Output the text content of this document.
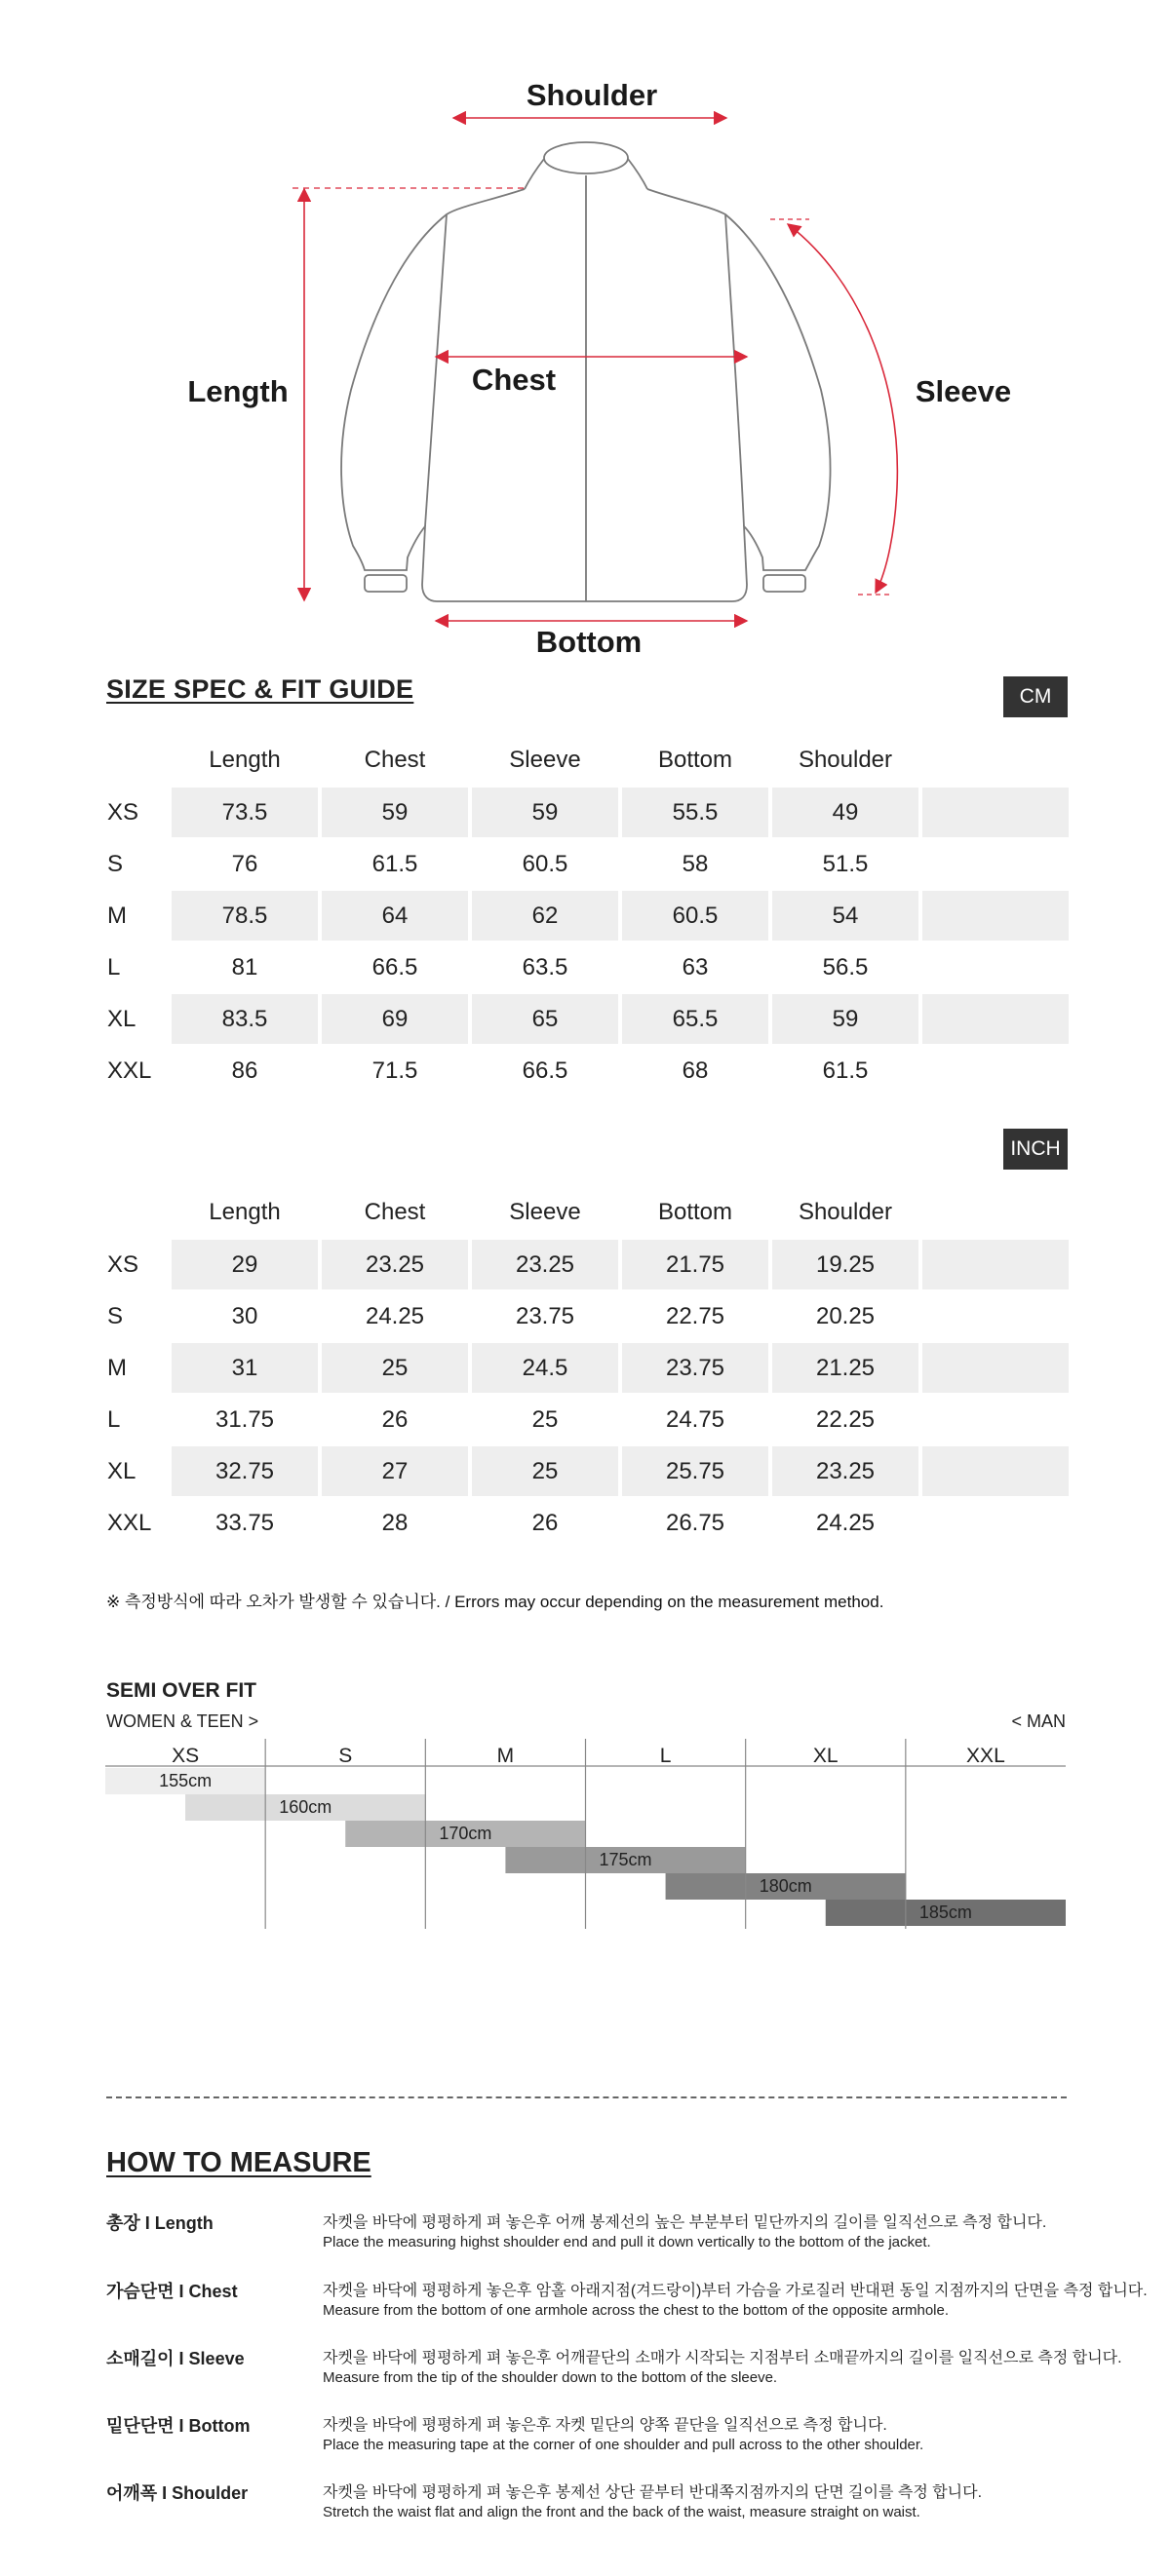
Shoulder
Length	Chest	Sleeve
Bottom
SIZE SPEC & FIT GUIDE	CM
	Length	Chest	Sleeve	Bottom	Shoulder	
XS	73.5	59	59	55.5	49	
S	76	61.5	60.5	58	51.5	
M	78.5	64	62	60.5	54	
L	81	66.5	63.5	63	56.5	
XL	83.5	69	65	65.5	59	
XXL	86	71.5	66.5	68	61.5	
INCH
	Length	Chest	Sleeve	Bottom	Shoulder	
XS	29	23.25	23.25	21.75	19.25	
S	30	24.25	23.75	22.75	20.25	
M	31	25	24.5	23.75	21.25	
L	31.75	26	25	24.75	22.25	
XL	32.75	27	25	25.75	23.25	
XXL	33.75	28	26	26.75	24.25	
※ 측정방식에 따라 오차가 발생할 수 있습니다. / Errors may occur depending on the measurement method.
SEMI OVER FIT
WOMEN & TEEN >	< MAN
XS	S	M	L	XL	XXL
155cm
160cm
170cm
175cm
180cm
185cm
HOW TO MEASURE
총장 I Length	자켓을 바닥에 평평하게 펴 놓은후 어깨 봉제선의 높은 부분부터 밑단까지의 길이를 일직선으로 측정 합니다.
Place the measuring highst shoulder end and pull it down vertically to the bottom of the jacket.
가슴단면 I Chest	자켓을 바닥에 평평하게 놓은후 암홀 아래지점(겨드랑이)부터 가슴을 가로질러 반대편 동일 지점까지의 단면을 측정 합니다.
Measure from the bottom of one armhole across the chest to the bottom of the opposite armhole.
소매길이 I Sleeve	자켓을 바닥에 평평하게 펴 놓은후 어깨끝단의 소매가 시작되는 지점부터 소매끝까지의 길이를 일직선으로 측정 합니다.
Measure from the tip of the shoulder down to the bottom of the sleeve.
밑단단면 I Bottom	자켓을 바닥에 평평하게 펴 놓은후 자켓 밑단의 양쪽 끝단을 일직선으로 측정 합니다.
Place the measuring tape at the corner of one shoulder and pull across to the other shoulder.
어깨폭 I Shoulder	자켓을 바닥에 평평하게 펴 놓은후 봉제선 상단 끝부터 반대쪽지점까지의 단면 길이를 측정 합니다.
Stretch the waist flat and align the front and the back of the waist, measure straight on waist.
